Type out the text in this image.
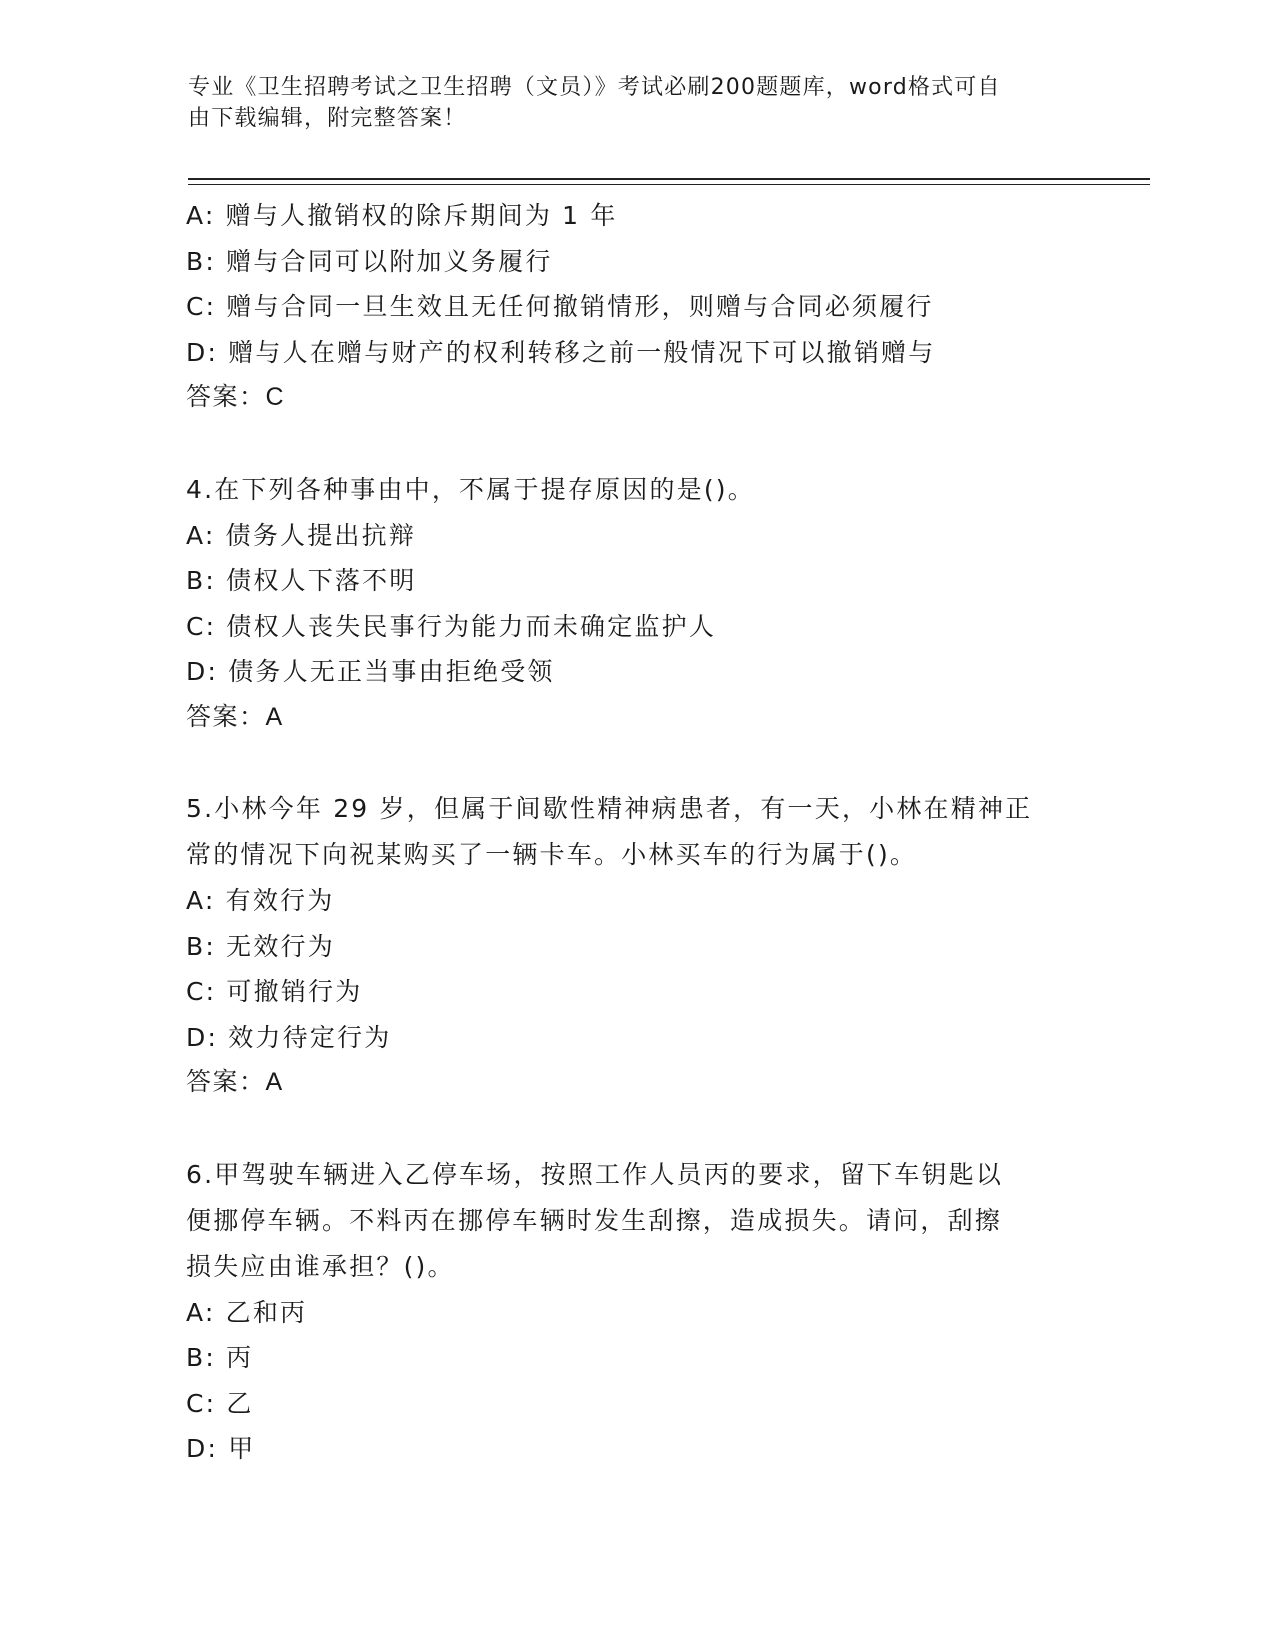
专业《卫生招聘考试之卫生招聘（文员）》考试必刷200题题库，word格式可自
由下载编辑，附完整答案！
A: 赠与人撤销权的除斥期间为 1 年
B: 赠与合同可以附加义务履行
C: 赠与合同一旦生效且无任何撤销情形，则赠与合同必须履行
D: 赠与人在赠与财产的权利转移之前一般情况下可以撤销赠与
答案：C
4.在下列各种事由中，不属于提存原因的是()。
A: 债务人提出抗辩
B: 债权人下落不明
C: 债权人丧失民事行为能力而未确定监护人
D: 债务人无正当事由拒绝受领
答案：A
5.小林今年 29 岁，但属于间歇性精神病患者，有一天，小林在精神正
常的情况下向祝某购买了一辆卡车。小林买车的行为属于()。
A: 有效行为
B: 无效行为
C: 可撤销行为
D: 效力待定行为
答案：A
6.甲驾驶车辆进入乙停车场，按照工作人员丙的要求，留下车钥匙以
便挪停车辆。不料丙在挪停车辆时发生刮擦，造成损失。请问，刮擦
损失应由谁承担？()。
A: 乙和丙
B: 丙
C: 乙
D: 甲
